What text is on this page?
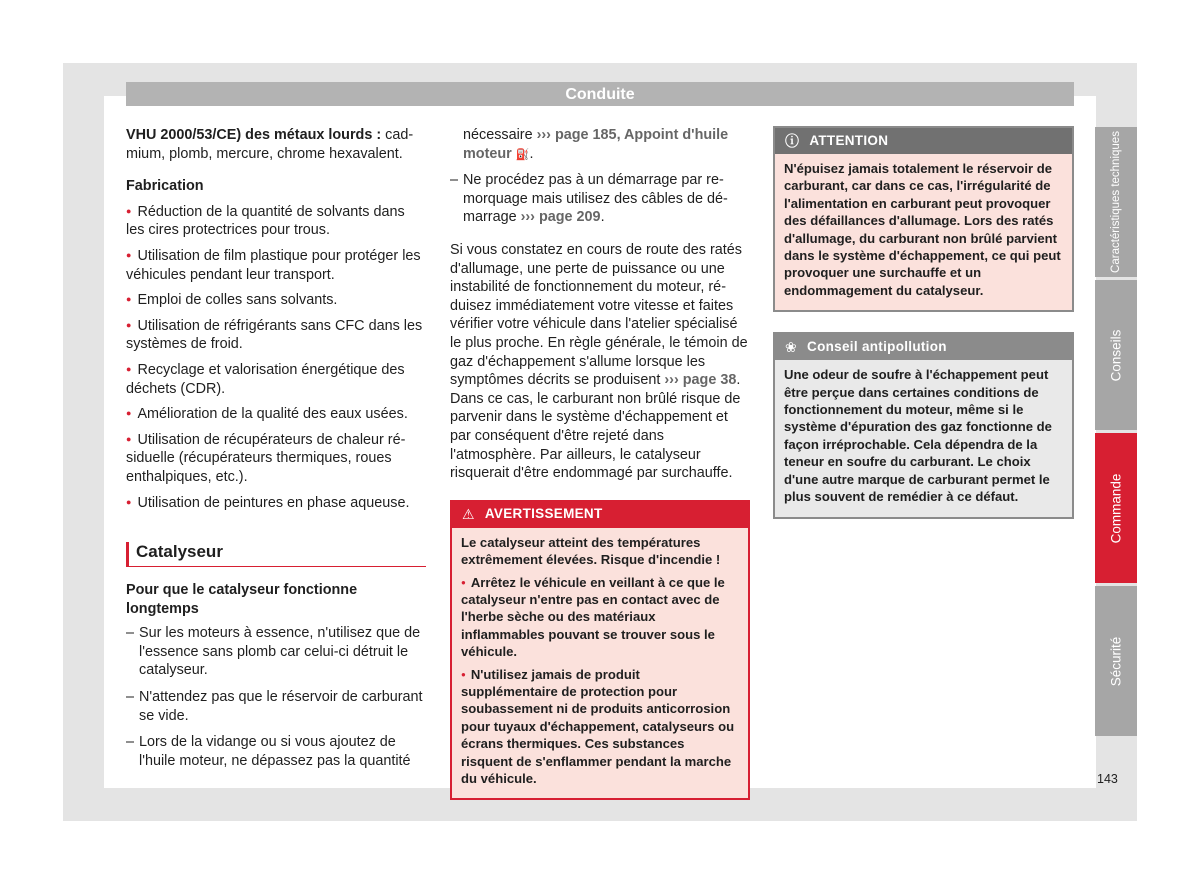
Conduite

VHU 2000/53/CE) des métaux lourds : cadmium, plomb, mercure, chrome hexavalent.

Fabrication

● Réduction de la quantité de solvants dans les cires protectrices pour trous.

● Utilisation de film plastique pour protéger les véhicules pendant leur transport.

● Emploi de colles sans solvants.

● Utilisation de réfrigérants sans CFC dans les systèmes de froid.

● Recyclage et valorisation énergétique des déchets (CDR).

● Amélioration de la qualité des eaux usées.

● Utilisation de récupérateurs de chaleur résiduelle (récupérateurs thermiques, roues enthalpiques, etc.).

● Utilisation de peintures en phase aqueuse.

Catalyseur
Pour que le catalyseur fonctionne longtemps

– Sur les moteurs à essence, n'utilisez que de l'essence sans plomb car celui-ci détruit le catalyseur.

– N'attendez pas que le réservoir de carburant se vide.

– Lors de la vidange ou si vous ajoutez de l'huile moteur, ne dépassez pas la quantité

nécessaire ››› page 185, Appoint d'huile moteur ⛽.

– Ne procédez pas à un démarrage par remorquage mais utilisez des câbles de démarrage ››› page 209.

Si vous constatez en cours de route des ratés d'allumage, une perte de puissance ou une instabilité de fonctionnement du moteur, réduisez immédiatement votre vitesse et faites vérifier votre véhicule dans l'atelier spécialisé le plus proche. En règle générale, le témoin de gaz d'échappement s'allume lorsque les symptômes décrits se produisent ››› page 38. Dans ce cas, le carburant non brûlé risque de parvenir dans le système d'échappement et par conséquent d'être rejeté dans l'atmosphère. Par ailleurs, le catalyseur risquerait d'être endommagé par surchauffe.

⚠ AVERTISSEMENT

Le catalyseur atteint des températures extrêmement élevées. Risque d'incendie !

● Arrêtez le véhicule en veillant à ce que le catalyseur n'entre pas en contact avec de l'herbe sèche ou des matériaux inflammables pouvant se trouver sous le véhicule.

● N'utilisez jamais de produit supplémentaire de protection pour soubassement ni de produits anticorrosion pour tuyaux d'échappement, catalyseurs ou écrans thermiques. Ces substances risquent de s'enflammer pendant la marche du véhicule.

ⓘ ATTENTION

N'épuisez jamais totalement le réservoir de carburant, car dans ce cas, l'irrégularité de l'alimentation en carburant peut provoquer des défaillances d'allumage. Lors des ratés d'allumage, du carburant non brûlé parvient dans le système d'échappement, ce qui peut provoquer une surchauffe et un endommagement du catalyseur.

❀ Conseil antipollution

Une odeur de soufre à l'échappement peut être perçue dans certaines conditions de fonctionnement du moteur, même si le système d'épuration des gaz fonctionne de façon irréprochable. Cela dépendra de la teneur en soufre du carburant. Le choix d'une autre marque de carburant permet le plus souvent de remédier à ce défaut.

Caractéristiques techniques
Conseils
Commande
Sécurité
143
